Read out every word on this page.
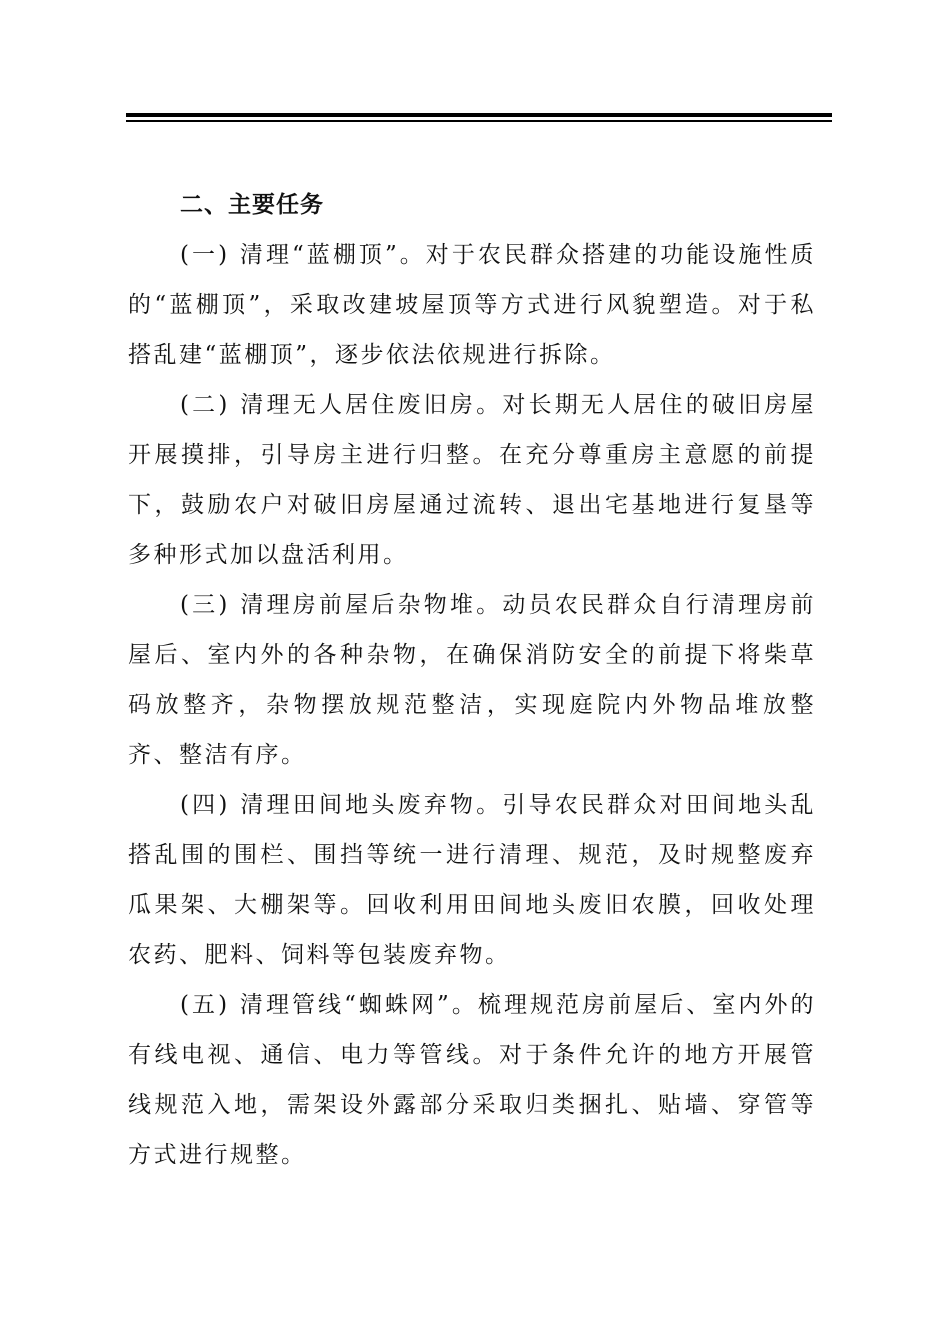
二、主要任务

(一) 清理“蓝棚顶”。对于农民群众搭建的功能设施性质的“蓝棚顶”，采取改建坡屋顶等方式进行风貌塑造。对于私搭乱建“蓝棚顶”，逐步依法依规进行拆除。

(二) 清理无人居住废旧房。对长期无人居住的破旧房屋开展摸排，引导房主进行归整。在充分尊重房主意愿的前提下，鼓励农户对破旧房屋通过流转、退出宅基地进行复垦等多种形式加以盘活利用。

(三) 清理房前屋后杂物堆。动员农民群众自行清理房前屋后、室内外的各种杂物，在确保消防安全的前提下将柴草码放整齐，杂物摆放规范整洁，实现庭院内外物品堆放整齐、整洁有序。

(四) 清理田间地头废弃物。引导农民群众对田间地头乱搭乱围的围栏、围挡等统一进行清理、规范，及时规整废弃瓜果架、大棚架等。回收利用田间地头废旧农膜，回收处理农药、肥料、饲料等包装废弃物。

(五) 清理管线“蜘蛛网”。梳理规范房前屋后、室内外的有线电视、通信、电力等管线。对于条件允许的地方开展管线规范入地，需架设外露部分采取归类捆扎、贴墙、穿管等方式进行规整。
